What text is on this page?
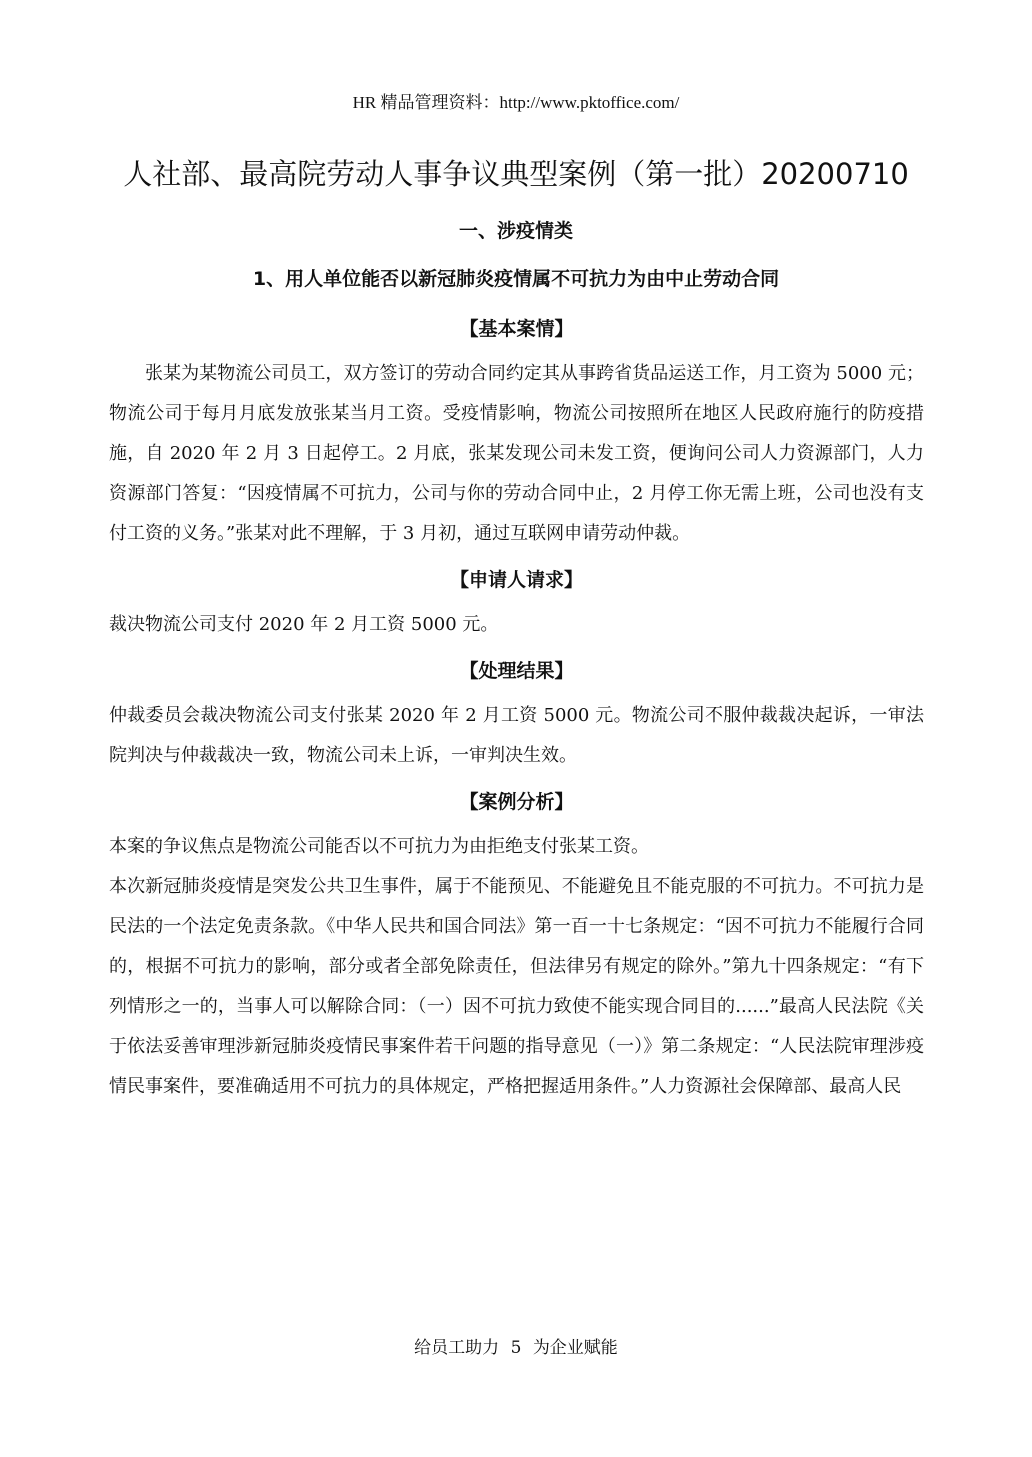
HR 精品管理资料：http://www.pktoffice.com/
人社部、最高院劳动人事争议典型案例（第一批）20200710
一、涉疫情类
1、用人单位能否以新冠肺炎疫情属不可抗力为由中止劳动合同
【基本案情】

张某为某物流公司员工，双方签订的劳动合同约定其从事跨省货品运送工作，月工资为 5000 元；物流公司于每月月底发放张某当月工资。受疫情影响，物流公司按照所在地区人民政府施行的防疫措施，自 2020 年 2 月 3 日起停工。2 月底，张某发现公司未发工资，便询问公司人力资源部门，人力资源部门答复：“因疫情属不可抗力，公司与你的劳动合同中止，2 月停工你无需上班，公司也没有支付工资的义务。”张某对此不理解，于 3 月初，通过互联网申请劳动仲裁。

【申请人请求】

裁决物流公司支付 2020 年 2 月工资 5000 元。

【处理结果】

仲裁委员会裁决物流公司支付张某 2020 年 2 月工资 5000 元。物流公司不服仲裁裁决起诉，一审法院判决与仲裁裁决一致，物流公司未上诉，一审判决生效。

【案例分析】

本案的争议焦点是物流公司能否以不可抗力为由拒绝支付张某工资。

本次新冠肺炎疫情是突发公共卫生事件，属于不能预见、不能避免且不能克服的不可抗力。不可抗力是民法的一个法定免责条款。《中华人民共和国合同法》第一百一十七条规定：“因不可抗力不能履行合同的，根据不可抗力的影响，部分或者全部免除责任，但法律另有规定的除外。”第九十四条规定：“有下列情形之一的，当事人可以解除合同：（一）因不可抗力致使不能实现合同目的......”最高人民法院《关于依法妥善审理涉新冠肺炎疫情民事案件若干问题的指导意见（一）》第二条规定：“人民法院审理涉疫情民事案件，要准确适用不可抗力的具体规定，严格把握适用条件。”人力资源社会保障部、最高人民

给员工助力 5 为企业赋能
